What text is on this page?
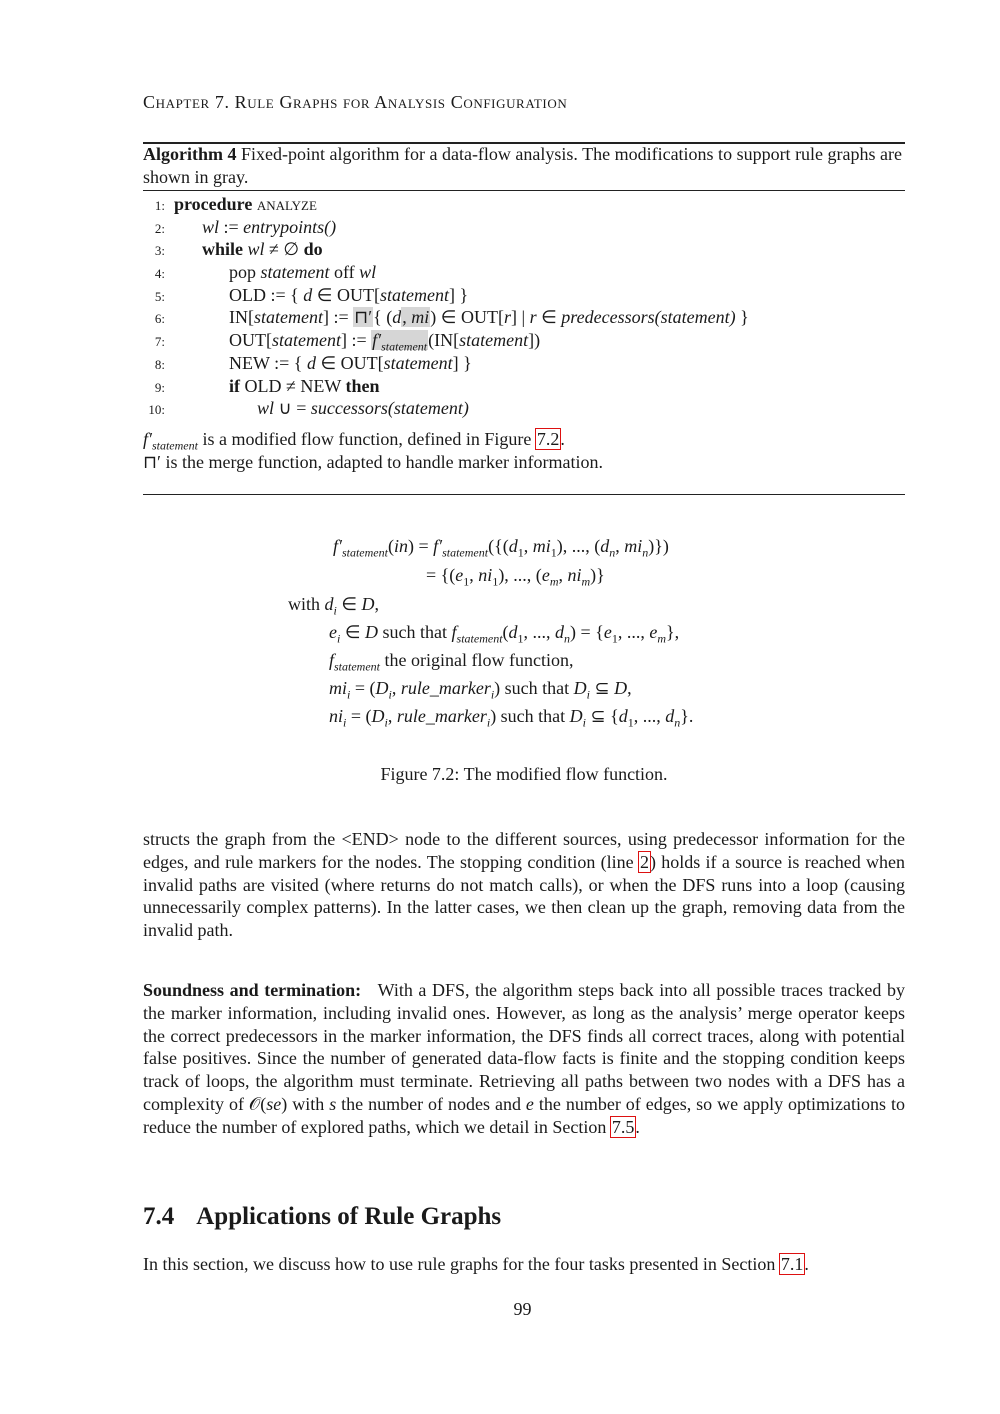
Chapter 7. Rule Graphs for Analysis Configuration
Algorithm 4 Fixed-point algorithm for a data-flow analysis. The modifications to support rule graphs are shown in gray.
1: procedure analyze
2: wl := entrypoints()
3: while wl ≠ ∅ do
4:	pop statement off wl
5:	OLD := { d ∈ OUT[statement] }
6:	IN[statement] := ⊓′{ (d, mi) ∈ OUT[r] | r ∈ predecessors(statement) }
7:	OUT[statement] := $f'_{statement}(IN[statement])$
8:	NEW := { d ∈ OUT[statement] }
9:	if OLD ≠ NEW then
10:	wl ∪ = successors(statement)
$f'_{statement}$ is a modified flow function, defined in Figure 7.2.
⊓′ is the merge function, adapted to handle marker information.
$f'_{statement}(in) = f'_{statement}(\{(d_1$, $mi_1$), ..., ($d_n$, $mi_n$)})
= {($e_1$, $ni_1$), ..., ($e_m$, $ni_m$)}
with $d_i$ ∈ D,
$e_i$ ∈ D such that $f_{statement}(d_1$, ..., $d_n) = \{e_1$, ..., $e_m$},
$f_{statement}$ the original flow function,
$mi_i = (D_i$, rule_marker$_i$) such that $D_i$ ⊆ D,
$ni_i = (D_i$, rule_marker$_i$) such that $D_i$ ⊆ {$d_1$, ..., $d_n$}.
Figure 7.2: The modified flow function.
structs the graph from the <END> node to the different sources, using predecessor information for the edges, and rule markers for the nodes. The stopping condition (line 2) holds if a source is reached when invalid paths are visited (where returns do not match calls), or when the DFS runs into a loop (causing unnecessarily complex patterns). In the latter cases, we then clean up the graph, removing data from the invalid path.
Soundness and termination: With a DFS, the algorithm steps back into all possible traces tracked by the marker information, including invalid ones. However, as long as the analysis’ merge operator keeps the correct predecessors in the marker information, the DFS finds all correct traces, along with potential false positives. Since the number of generated data-flow facts is finite and the stopping condition keeps track of loops, the algorithm must terminate. Retrieving all paths between two nodes with a DFS has a complexity of 𝒪(se) with s the number of nodes and e the number of edges, so we apply optimizations to reduce the number of explored paths, which we detail in Section 7.5.
7.4 Applications of Rule Graphs
In this section, we discuss how to use rule graphs for the four tasks presented in Section 7.1.
99
